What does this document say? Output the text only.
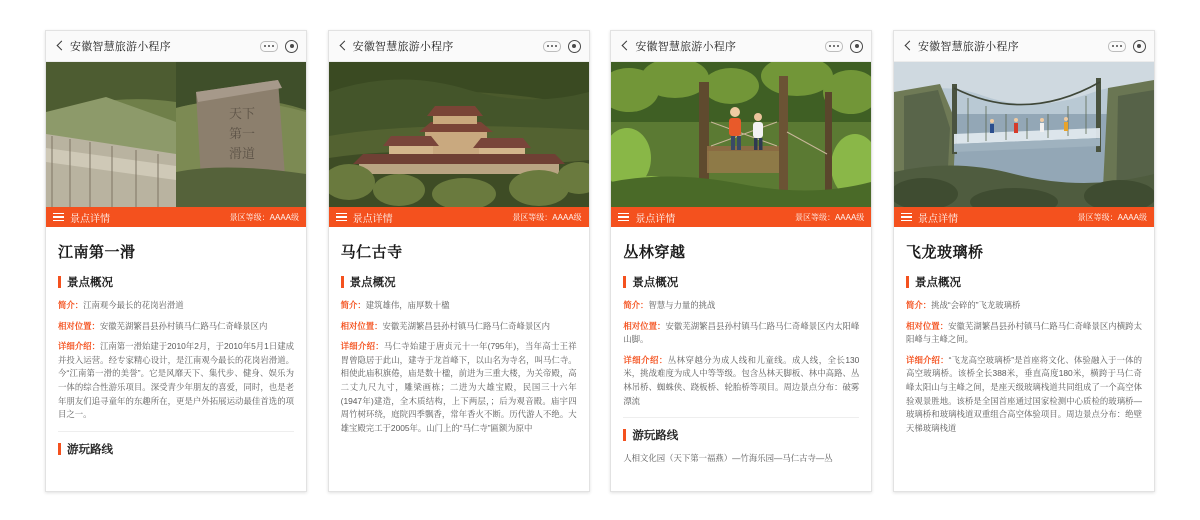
安徽智慧旅游小程序
天下
第一
滑道
景点详情	景区等级：AAAA级
江南第一滑
景点概况

简介：江南观今最长的花岗岩滑道

相对位置：安徽芜湖繁昌县孙村镇马仁路马仁奇峰景区内

详细介绍：江南第一滑始建于2010年2月，于2010年5月1日建成并投入运营。经专家精心设计，是江南观今最长的花岗岩滑道。今“江南第一滑的美誉”。它是风靡天下、集代步、健身、娱乐为一体的综合性游乐项目。深受青少年朋友的喜爱，同时，也是老年朋友们追寻童年的东趣所在，更是户外拓展运动最佳首选的项目之一。

游玩路线
安徽智慧旅游小程序
景点详情	景区等级：AAAA级
马仁古寺
景点概况

简介：建筑雄伟，庙厚数十楹

相对位置：安徽芜湖繁昌县孙村镇马仁路马仁奇峰景区内

详细介绍：马仁寺始建于唐贞元十一年(795年)，当年高士王祥胃曾隐居于此山，建寺于龙首峰下，以山名为寺名，叫马仁寺。相使此庙积旗倦，庙是数十楹，前进为三重大楼，为关帝殿，高二丈九尺九寸，雕梁画栋；二进为大雄宝殿，民国三十六年(1947年)建造，全木质结构，上下两层，；后为观音殿。庙宇四周竹树环绕，庭院四季飘香，常年香火不断。历代游人不绝。大雄宝殿完工于2005年。山门上的“马仁寺”匾额为原中

安徽智慧旅游小程序
景点详情	景区等级：AAAA级
丛林穿越
景点概况

简介：智慧与力量的挑战

相对位置：安徽芜湖繁昌县孙村镇马仁路马仁奇峰景区内太阳峰山脚。

详细介绍：丛林穿越分为成人线和儿童线。成人线，全长130米，挑战难度为成人中等等级。包含丛林天脚板、林中高路、丛林吊桥、蜘蛛侠、跷板桥、轮胎桥等项目。周边景点分布：破雾漂流

游玩路线
人相文化园（天下第一福燕）—竹海乐园—马仁古寺—丛
安徽智慧旅游小程序
景点详情	景区等级：AAAA级
飞龙玻璃桥
景点概况

简介：挑战“会碎的”飞龙玻璃桥

相对位置：安徽芜湖繁昌县孙村镇马仁路马仁奇峰景区内横跨太阳峰与主峰之间。

详细介绍：“飞龙高空玻璃桥”是首座将文化、体验融入于一体的高空玻璃桥。该桥全长388米，垂直高度180米，横跨于马仁奇峰太阳山与主峰之间，是座天级玻璃栈道共同组成了一个高空体验观景胜地。该桥是全国首座通过国家检测中心质检的玻璃桥—玻璃桥和玻璃栈道双重组合高空体验项目。周边景点分布：绝壁天梯玻璃栈道
